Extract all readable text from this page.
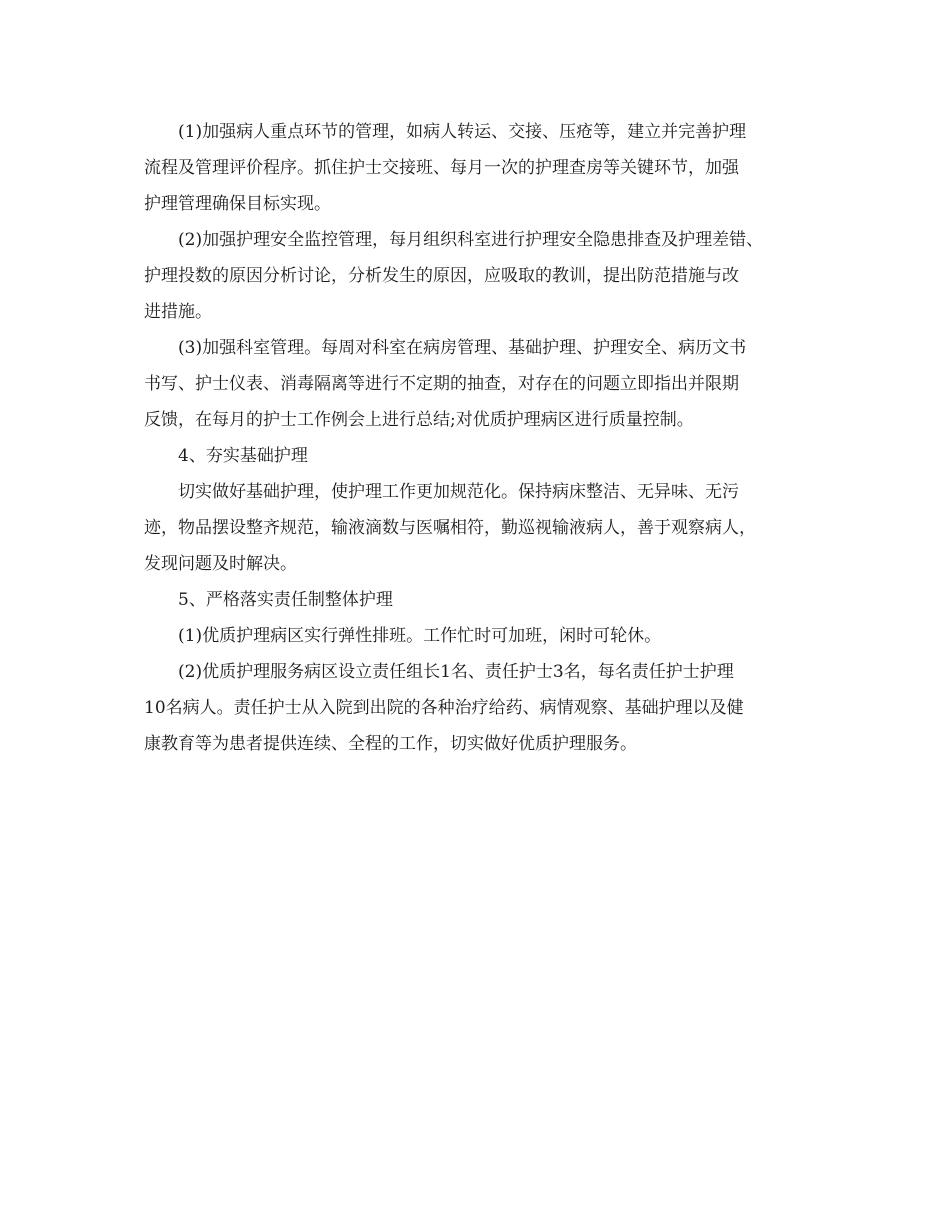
(1)加强病人重点环节的管理，如病人转运、交接、压疮等，建立并完善护理
流程及管理评价程序。抓住护士交接班、每月一次的护理查房等关键环节，加强
护理管理确保目标实现。
(2)加强护理安全监控管理，每月组织科室进行护理安全隐患排查及护理差错、
护理投数的原因分析讨论，分析发生的原因，应吸取的教训，提出防范措施与改
进措施。
(3)加强科室管理。每周对科室在病房管理、基础护理、护理安全、病历文书
书写、护士仪表、消毒隔离等进行不定期的抽查，对存在的问题立即指出并限期
反馈，在每月的护士工作例会上进行总结;对优质护理病区进行质量控制。
4、夯实基础护理
切实做好基础护理，使护理工作更加规范化。保持病床整洁、无异味、无污
迹，物品摆设整齐规范，输液滴数与医嘱相符，勤巡视输液病人，善于观察病人，
发现问题及时解决。
5、严格落实责任制整体护理
(1)优质护理病区实行弹性排班。工作忙时可加班，闲时可轮休。
(2)优质护理服务病区设立责任组长1名、责任护士3名，每名责任护士护理
10名病人。责任护士从入院到出院的各种治疗给药、病情观察、基础护理以及健
康教育等为患者提供连续、全程的工作，切实做好优质护理服务。
